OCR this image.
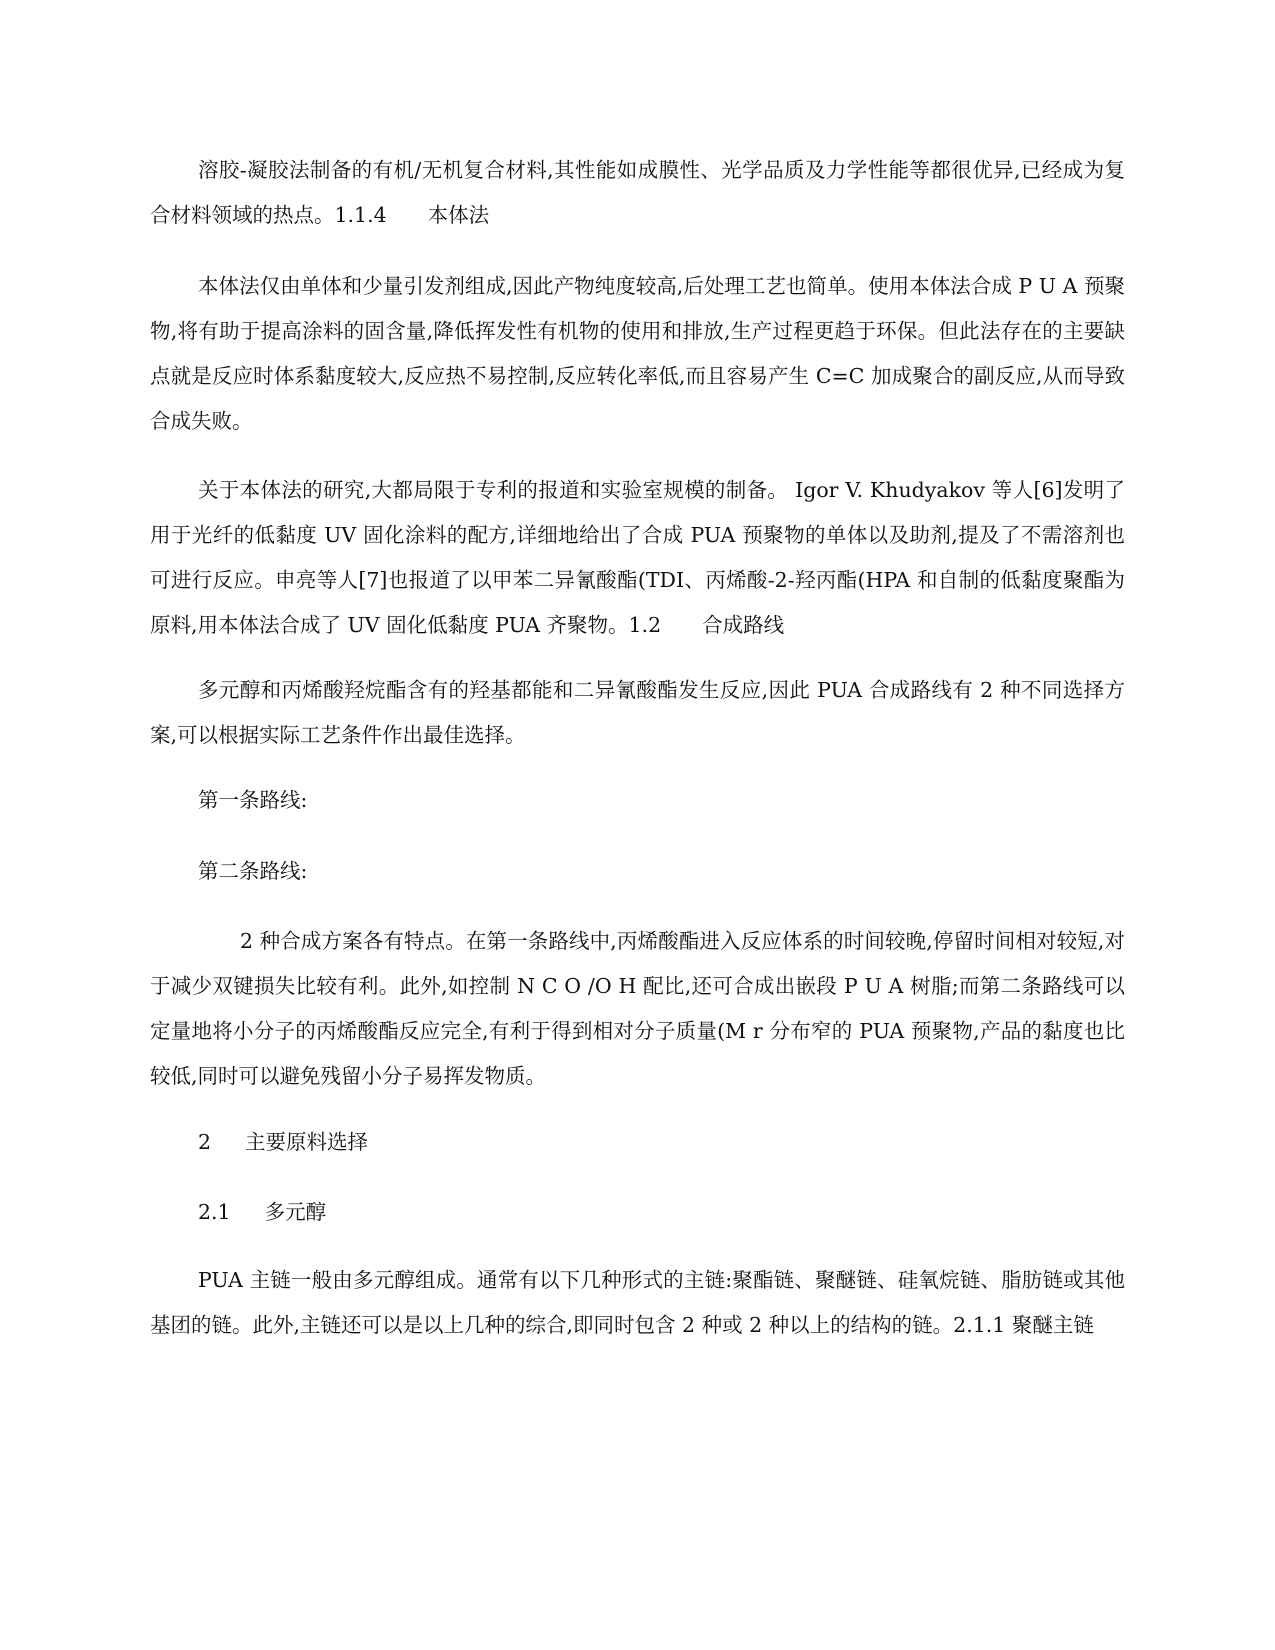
溶胶-凝胶法制备的有机/无机复合材料,其性能如成膜性、光学品质及力学性能等都很优异,已经成为复合材料领域的热点。1.1.4　　本体法

本体法仅由单体和少量引发剂组成,因此产物纯度较高,后处理工艺也简单。使用本体法合成 P U A 预聚物,将有助于提高涂料的固含量,降低挥发性有机物的使用和排放,生产过程更趋于环保。但此法存在的主要缺点就是反应时体系黏度较大,反应热不易控制,反应转化率低,而且容易产生 C=C 加成聚合的副反应,从而导致合成失败。

关于本体法的研究,大都局限于专利的报道和实验室规模的制备。 Igor V. Khudyakov 等人[6]发明了用于光纤的低黏度 UV 固化涂料的配方,详细地给出了合成 PUA 预聚物的单体以及助剂,提及了不需溶剂也可进行反应。申亮等人[7]也报道了以甲苯二异氰酸酯(TDI、丙烯酸-2-羟丙酯(HPA 和自制的低黏度聚酯为原料,用本体法合成了 UV 固化低黏度 PUA 齐聚物。1.2　　合成路线

多元醇和丙烯酸羟烷酯含有的羟基都能和二异氰酸酯发生反应,因此 PUA 合成路线有 2 种不同选择方案,可以根据实际工艺条件作出最佳选择。

第一条路线:

第二条路线:

2 种合成方案各有特点。在第一条路线中,丙烯酸酯进入反应体系的时间较晚,停留时间相对较短,对于减少双键损失比较有利。此外,如控制 N C O /O H 配比,还可合成出嵌段 P U A 树脂;而第二条路线可以定量地将小分子的丙烯酸酯反应完全,有利于得到相对分子质量(M r 分布窄的 PUA 预聚物,产品的黏度也比较低,同时可以避免残留小分子易挥发物质。

2 主要原料选择
2.1 多元醇

PUA 主链一般由多元醇组成。通常有以下几种形式的主链:聚酯链、聚醚链、硅氧烷链、脂肪链或其他基团的链。此外,主链还可以是以上几种的综合,即同时包含 2 种或 2 种以上的结构的链。2.1.1 聚醚主链
